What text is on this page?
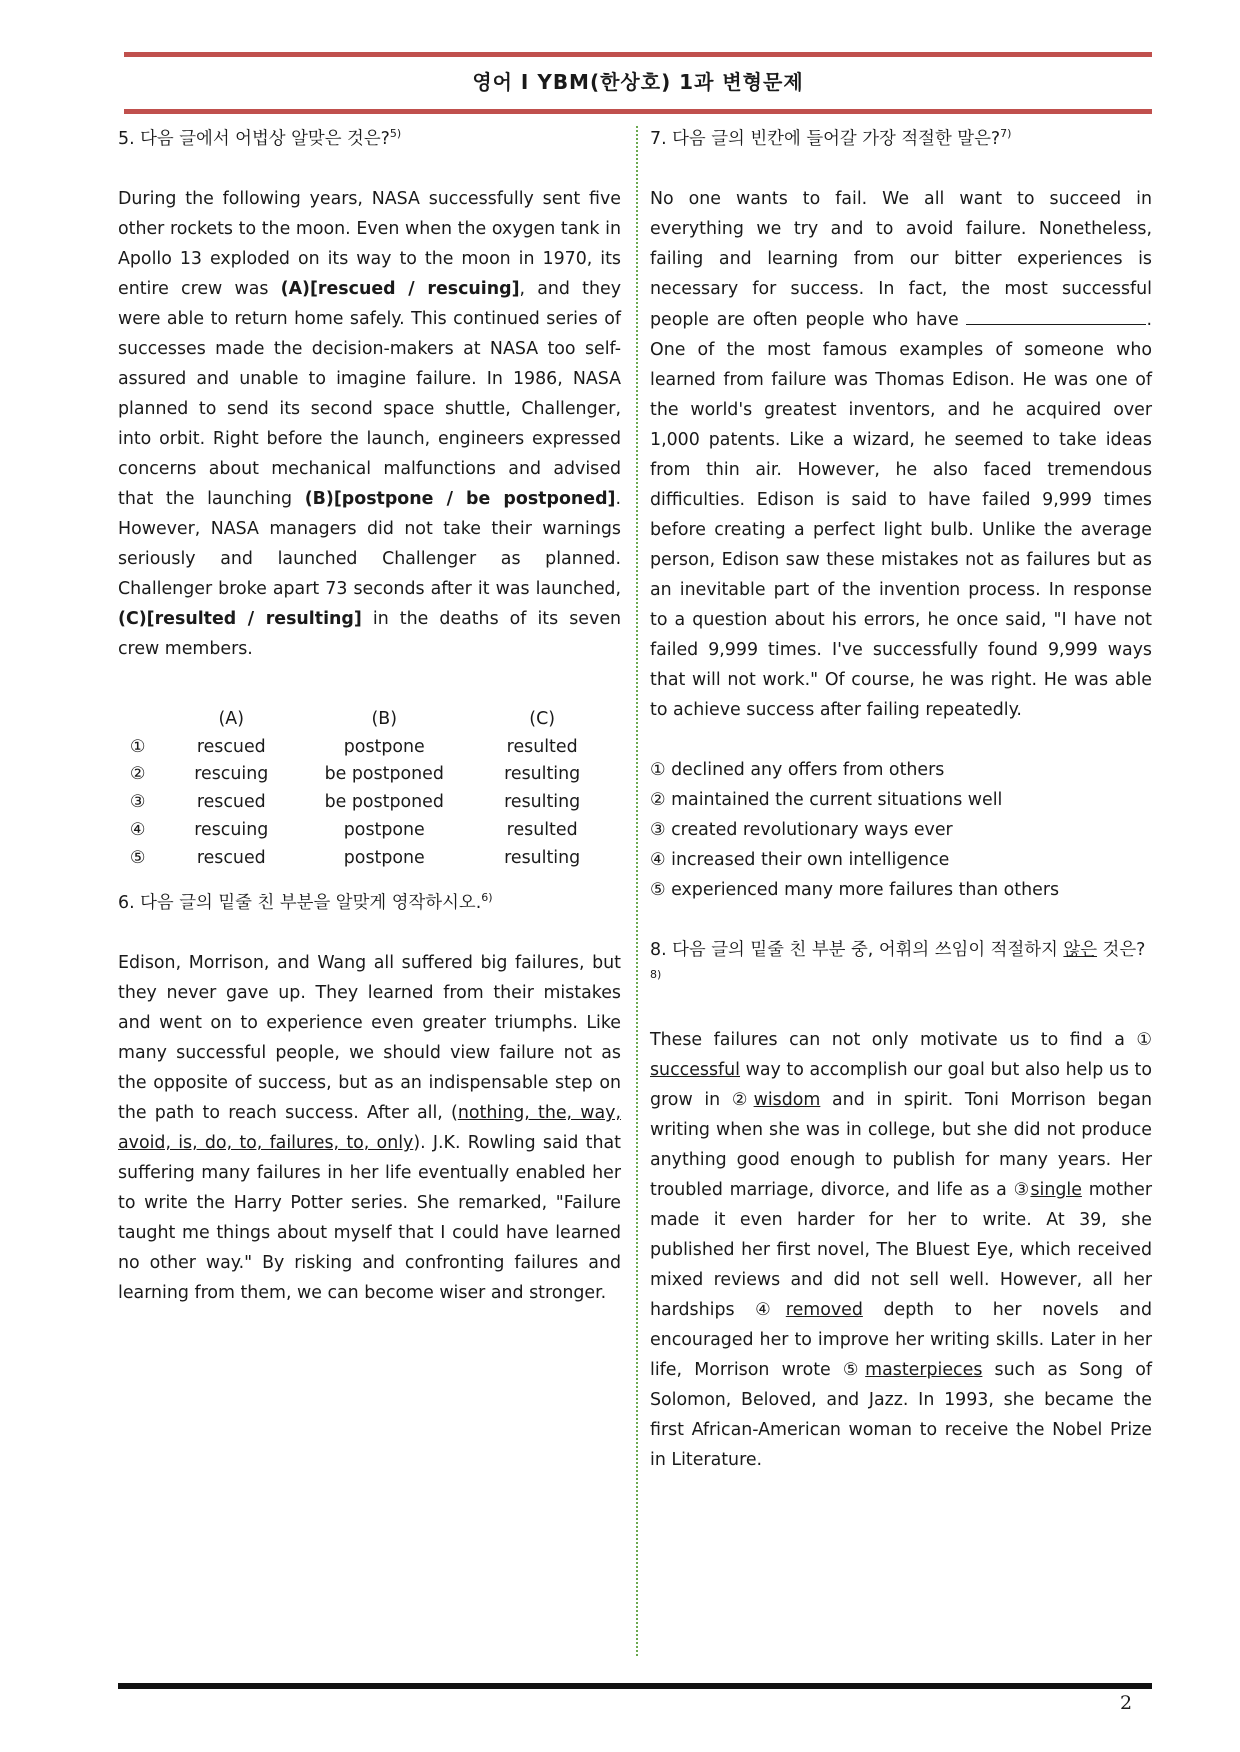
영어 I YBM(한상호) 1과 변형문제

5. 다음 글에서 어법상 알맞은 것은?$^{5)}$

During the following years, NASA successfully sent five other rockets to the moon. Even when the oxygen tank in Apollo 13 exploded on its way to the moon in 1970, its entire crew was (A)[rescued / rescuing], and they were able to return home safely. This continued series of successes made the decision-makers at NASA too self-assured and unable to imagine failure. In 1986, NASA planned to send its second space shuttle, Challenger, into orbit. Right before the launch, engineers expressed concerns about mechanical malfunctions and advised that the launching (B)[postpone / be postponed]. However, NASA managers did not take their warnings seriously and launched Challenger as planned. Challenger broke apart 73 seconds after it was launched, (C)[resulted / resulting] in the deaths of its seven crew members.

	(A)	(B)	(C)
①	rescued	postpone	resulted
②	rescuing	be postponed	resulting
③	rescued	be postponed	resulting
④	rescuing	postpone	resulted
⑤	rescued	postpone	resulting

6. 다음 글의 밑줄 친 부분을 알맞게 영작하시오.$^{6)}$

Edison, Morrison, and Wang all suffered big failures, but they never gave up. They learned from their mistakes and went on to experience even greater triumphs. Like many successful people, we should view failure not as the opposite of success, but as an indispensable step on the path to reach success. After all, (nothing, the, way, avoid, is, do, to, failures, to, only). J.K. Rowling said that suffering many failures in her life eventually enabled her to write the Harry Potter series. She remarked, "Failure taught me things about myself that I could have learned no other way." By risking and confronting failures and learning from them, we can become wiser and stronger.

7. 다음 글의 빈칸에 들어갈 가장 적절한 말은?$^{7)}$

No one wants to fail. We all want to succeed in everything we try and to avoid failure. Nonetheless, failing and learning from our bitter experiences is necessary for success. In fact, the most successful people are often people who have	. One of the most famous examples of someone who learned from failure was Thomas Edison. He was one of the world's greatest inventors, and he acquired over 1,000 patents. Like a wizard, he seemed to take ideas from thin air. However, he also faced tremendous difficulties. Edison is said to have failed 9,999 times before creating a perfect light bulb. Unlike the average person, Edison saw these mistakes not as failures but as an inevitable part of the invention process. In response to a question about his errors, he once said, "I have not failed 9,999 times. I've successfully found 9,999 ways that will not work." Of course, he was right. He was able to achieve success after failing repeatedly.

① declined any offers from others
② maintained the current situations well
③ created revolutionary ways ever
④ increased their own intelligence
⑤ experienced many more failures than others

8. 다음 글의 밑줄 친 부분 중, 어휘의 쓰임이 적절하지 않은 것은?$^{8)}$

These failures can not only motivate us to find a ① successful way to accomplish our goal but also help us to grow in ②wisdom and in spirit. Toni Morrison began writing when she was in college, but she did not produce anything good enough to publish for many years. Her troubled marriage, divorce, and life as a ③single mother made it even harder for her to write. At 39, she published her first novel, The Bluest Eye, which received mixed reviews and did not sell well. However, all her hardships ④removed depth to her novels and encouraged her to improve her writing skills. Later in her life, Morrison wrote ⑤masterpieces such as Song of Solomon, Beloved, and Jazz. In 1993, she became the first African-American woman to receive the Nobel Prize in Literature.

2
